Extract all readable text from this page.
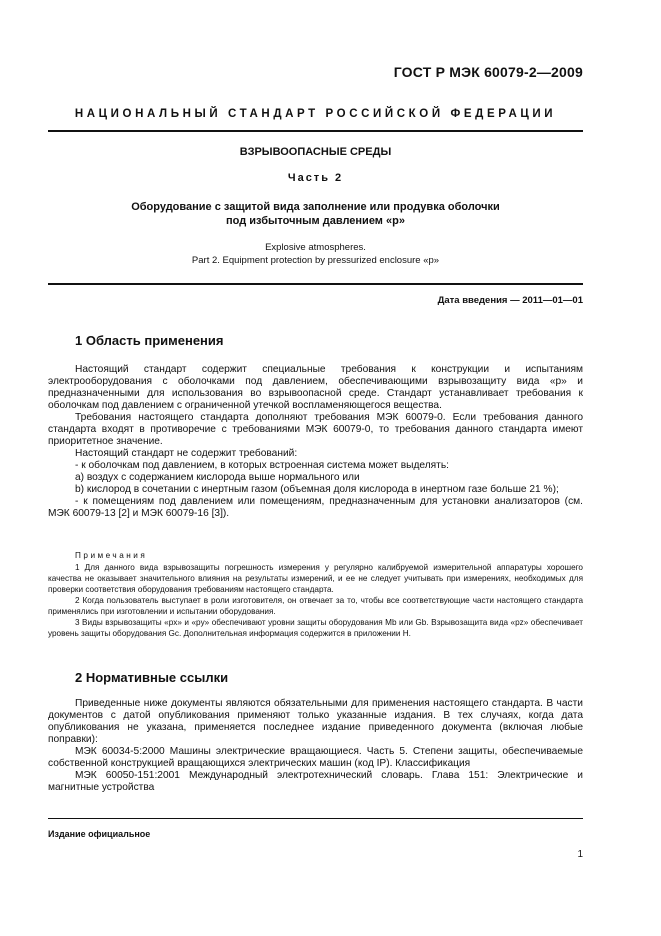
ГОСТ Р МЭК 60079-2—2009
НАЦИОНАЛЬНЫЙ СТАНДАРТ РОССИЙСКОЙ ФЕДЕРАЦИИ
ВЗРЫВООПАСНЫЕ СРЕДЫ
Часть 2
Оборудование с защитой вида заполнение или продувка оболочки
под избыточным давлением «р»
Explosive atmospheres.
Part 2. Equipment protection by pressurized enclosure «p»
Дата введения — 2011—01—01
1 Область применения

Настоящий стандарт содержит специальные требования к конструкции и испытаниям электрооборудования с оболочками под давлением, обеспечивающими взрывозащиту вида «р» и предназначенными для использования во взрывоопасной среде. Стандарт устанавливает требования к оболочкам под давлением с ограниченной утечкой воспламеняющегося вещества.

Требования настоящего стандарта дополняют требования МЭК 60079-0. Если требования данного стандарта входят в противоречие с требованиями МЭК 60079-0, то требования данного стандарта имеют приоритетное значение.

Настоящий стандарт не содержит требований:

- к оболочкам под давлением, в которых встроенная система может выделять:

a) воздух с содержанием кислорода выше нормального или

b) кислород в сочетании с инертным газом (объемная доля кислорода в инертном газе больше 21 %);

- к помещениям под давлением или помещениям, предназначенным для установки анализаторов (см. МЭК 60079-13 [2] и МЭК 60079-16 [3]).

Примечания

1 Для данного вида взрывозащиты погрешность измерения у регулярно калибруемой измерительной аппаратуры хорошего качества не оказывает значительного влияния на результаты измерений, и ее не следует учитывать при измерениях, необходимых для проверки соответствия оборудования требованиям настоящего стандарта.

2 Когда пользователь выступает в роли изготовителя, он отвечает за то, чтобы все соответствующие части настоящего стандарта применялись при изготовлении и испытании оборудования.

3 Виды взрывозащиты «px» и «py» обеспечивают уровни защиты оборудования Mb или Gb. Взрывозащита вида «pz» обеспечивает уровень защиты оборудования Gc. Дополнительная информация содержится в приложении Н.

2 Нормативные ссылки

Приведенные ниже документы являются обязательными для применения настоящего стандарта. В части документов с датой опубликования применяют только указанные издания. В тех случаях, когда дата опубликования не указана, применяется последнее издание приведенного документа (включая любые поправки):

МЭК 60034-5:2000 Машины электрические вращающиеся. Часть 5. Степени защиты, обеспечиваемые собственной конструкцией вращающихся электрических машин (код IP). Классификация

МЭК 60050-151:2001 Международный электротехнический словарь. Глава 151: Электрические и магнитные устройства

Издание официальное
1
